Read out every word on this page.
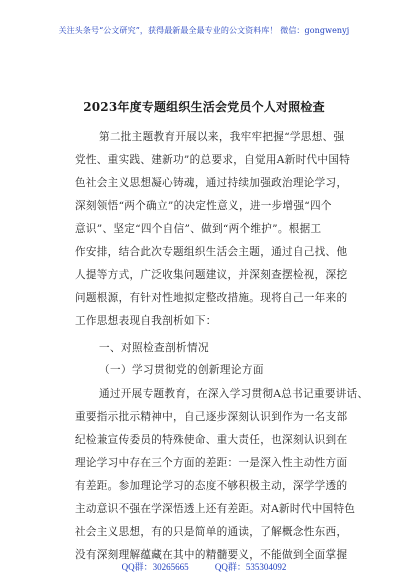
关注头条号“公文研究”，获得最新最全最专业的公文资料库！ 微信：gongwenyj
2023年度专题组织生活会党员个人对照检查
第二批主题教育开展以来，我牢牢把握“学思想、强
党性、重实践、建新功”的总要求，自觉用A新时代中国特
色社会主义思想凝心铸魂，通过持续加强政治理论学习，
深刻领悟“两个确立”的决定性意义，进一步增强“四个
意识”、坚定“四个自信”、做到“两个维护”。根据工
作安排，结合此次专题组织生活会主题，通过自己找、他
人提等方式，广泛收集问题建议，并深刻查摆检视，深挖
问题根源，有针对性地拟定整改措施。现将自己一年来的
工作思想表现自我剖析如下：
一、对照检查剖析情况
（一）学习贯彻党的创新理论方面
通过开展专题教育，在深入学习贯彻A总书记重要讲话、
重要指示批示精神中，自己逐步深刻认识到作为一名支部
纪检兼宣传委员的特殊使命、重大责任，也深刻认识到在
理论学习中存在三个方面的差距：一是深入性主动性方面
有差距。参加理论学习的态度不够积极主动，深学学透的
主动意识不强在学深悟透上还有差距。对A新时代中国特色
社会主义思想，有的只是简单的通读，了解概念性东西，
没有深刻理解蕴藏在其中的精髓要义，不能做到全面掌握
QQ群：30265665	QQ群：535304092
